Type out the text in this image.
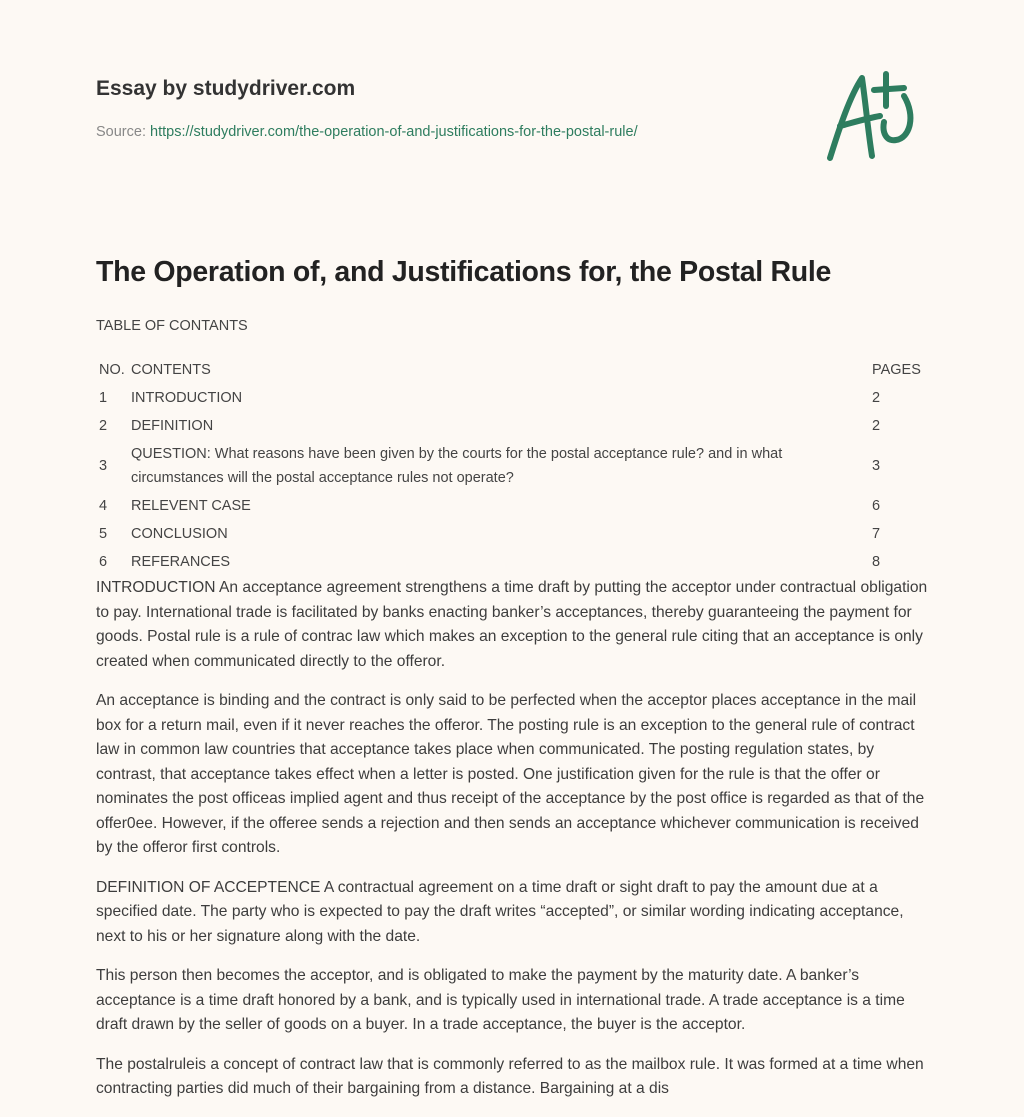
Essay by studydriver.com
Source: https://studydriver.com/the-operation-of-and-justifications-for-the-postal-rule/
The Operation of, and Justifications for, the Postal Rule
TABLE OF CONTANTS
NO.	CONTENTS	PAGES
1	INTRODUCTION	2
2	DEFINITION	2
3	QUESTION: What reasons have been given by the courts for the postal acceptance rule? and in what circumstances will the postal acceptance rules not operate?	3
4	RELEVENT CASE	6
5	CONCLUSION	7
6	REFERANCES	8

INTRODUCTION An acceptance agreement strengthens a time draft by putting the acceptor under contractual obligation to pay. International trade is facilitated by banks enacting banker’s acceptances, thereby guaranteeing the payment for goods. Postal rule is a rule of contrac law which makes an exception to the general rule citing that an acceptance is only created when communicated directly to the offeror.

An acceptance is binding and the contract is only said to be perfected when the acceptor places acceptance in the mail box for a return mail, even if it never reaches the offeror. The posting rule is an exception to the general rule of contract law in common law countries that acceptance takes place when communicated. The posting regulation states, by contrast, that acceptance takes effect when a letter is posted. One justification given for the rule is that the offer or nominates the post officeas implied agent and thus receipt of the acceptance by the post office is regarded as that of the offer0ee. However, if the offeree sends a rejection and then sends an acceptance whichever communication is received by the offeror first controls.

DEFINITION OF ACCEPTENCE A contractual agreement on a time draft or sight draft to pay the amount due at a specified date. The party who is expected to pay the draft writes “accepted”, or similar wording indicating acceptance, next to his or her signature along with the date.

This person then becomes the acceptor, and is obligated to make the payment by the maturity date. A banker’s acceptance is a time draft honored by a bank, and is typically used in international trade. A trade acceptance is a time draft drawn by the seller of goods on a buyer. In a trade acceptance, the buyer is the acceptor.

The postalruleis a concept of contract law that is commonly referred to as the mailbox rule. It was formed at a time when contracting parties did much of their bargaining from a distance. Bargaining at a dis
